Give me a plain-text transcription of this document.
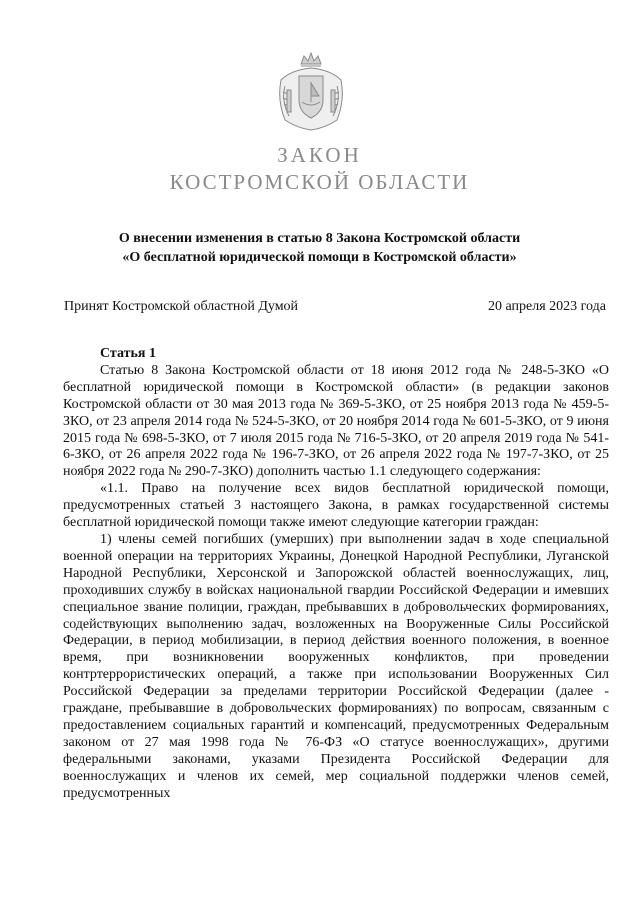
ЗАКОН
КОСТРОМСКОЙ ОБЛАСТИ
О внесении изменения в статью 8 Закона Костромской области
«О бесплатной юридической помощи в Костромской области»
Принят Костромской областной Думой	20 апреля 2023 года

Статья 1

Статью 8 Закона Костромской области от 18 июня 2012 года № 248-5-ЗКО «О бесплатной юридической помощи в Костромской области» (в редакции законов Костромской области от 30 мая 2013 года № 369-5-ЗКО, от 25 ноября 2013 года № 459-5-ЗКО, от 23 апреля 2014 года № 524-5-ЗКО, от 20 ноября 2014 года № 601-5-ЗКО, от 9 июня 2015 года № 698-5-ЗКО, от 7 июля 2015 года № 716-5-ЗКО, от 20 апреля 2019 года № 541-6-ЗКО, от 26 апреля 2022 года № 196-7-ЗКО, от 26 апреля 2022 года № 197-7-ЗКО, от 25 ноября 2022 года № 290-7-ЗКО) дополнить частью 1.1 следующего содержания:

«1.1. Право на получение всех видов бесплатной юридической помощи, предусмотренных статьей 3 настоящего Закона, в рамках государственной системы бесплатной юридической помощи также имеют следующие категории граждан:

1) члены семей погибших (умерших) при выполнении задач в ходе специальной военной операции на территориях Украины, Донецкой Народной Республики, Луганской Народной Республики, Херсонской и Запорожской областей военнослужащих, лиц, проходивших службу в войсках национальной гвардии Российской Федерации и имевших специальное звание полиции, граждан, пребывавших в добровольческих формированиях, содействующих выполнению задач, возложенных на Вооруженные Силы Российской Федерации, в период мобилизации, в период действия военного положения, в военное время, при возникновении вооруженных конфликтов, при проведении контртеррористических операций, а также при использовании Вооруженных Сил Российской Федерации за пределами территории Российской Федерации (далее - граждане, пребывавшие в добровольческих формированиях) по вопросам, связанным с предоставлением социальных гарантий и компенсаций, предусмотренных Федеральным законом от 27 мая 1998 года № 76-ФЗ «О статусе военнослужащих», другими федеральными законами, указами Президента Российской Федерации для военнослужащих и членов их семей, мер социальной поддержки членов семей, предусмотренных
